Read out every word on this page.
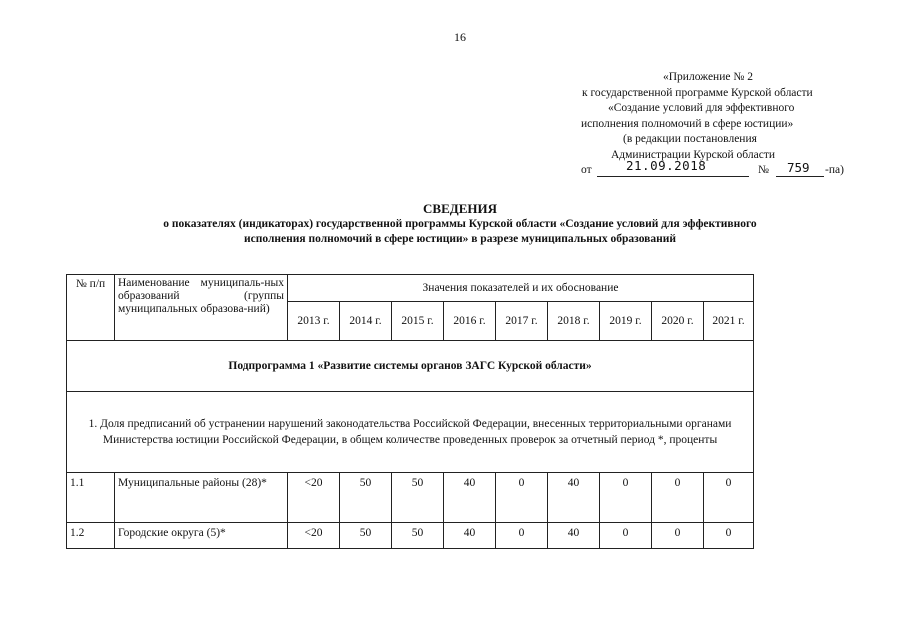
16
«Приложение № 2
к государственной программе Курской области
«Создание условий для эффективного
исполнения полномочий в сфере юстиции»
(в редакции постановления
Администрации Курской области
от	21.09.2018	№ 759 -па)
СВЕДЕНИЯ
о показателях (индикаторах) государственной программы Курской области «Создание условий для эффективного
исполнения полномочий в сфере юстиции» в разрезе муниципальных образований
№ п/п	Наименование муниципаль-ных образований (группы муниципальных образова-ний)	Значения показателей и их обоснование								
		2013 г.	2014 г.	2015 г.	2016 г.	2017 г.	2018 г.	2019 г.	2020 г.	2021 г.
Подпрограмма 1 «Развитие системы органов ЗАГС Курской области»										
1. Доля предписаний об устранении нарушений законодательства Российской Федерации, внесенных территориальными органами Министерства юстиции Российской Федерации, в общем количестве проведенных проверок за отчетный период *, проценты										
1.1	Муниципальные районы (28)*	<20	50	50	40	0	40	0	0	0
1.2	Городские округа (5)*	<20	50	50	40	0	40	0	0	0
